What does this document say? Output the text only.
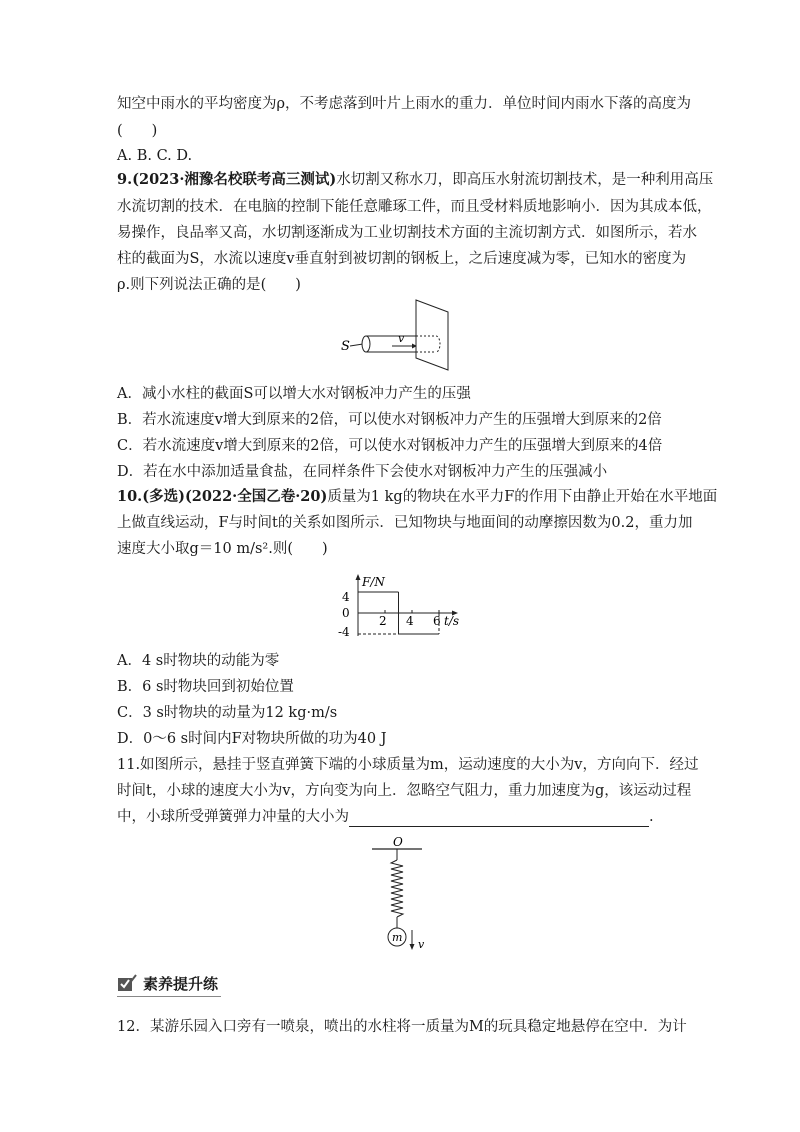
知空中雨水的平均密度为ρ，不考虑落到叶片上雨水的重力．单位时间内雨水下落的高度为
(　　)
A. B. C. D.
9.(2023·湘豫名校联考高三测试)水切割又称水刀，即高压水射流切割技术，是一种利用高压
水流切割的技术．在电脑的控制下能任意雕琢工件，而且受材料质地影响小．因为其成本低，
易操作，良品率又高，水切割逐渐成为工业切割技术方面的主流切割方式．如图所示，若水
柱的截面为S，水流以速度v垂直射到被切割的钢板上，之后速度减为零，已知水的密度为
ρ.则下列说法正确的是(　　)
S
v
A．减小水柱的截面S可以增大水对钢板冲力产生的压强
B．若水流速度v增大到原来的2倍，可以使水对钢板冲力产生的压强增大到原来的2倍
C．若水流速度v增大到原来的2倍，可以使水对钢板冲力产生的压强增大到原来的4倍
D．若在水中添加适量食盐，在同样条件下会使水对钢板冲力产生的压强减小
10.(多选)(2022·全国乙卷·20)质量为1 kg的物块在水平力F的作用下由静止开始在水平地面
上做直线运动，F与时间t的关系如图所示．已知物块与地面间的动摩擦因数为0.2，重力加
速度大小取g＝10 m/s².则(　　)
F/N
t/s
4
0
-4
2 4 6
A．4 s时物块的动能为零
B．6 s时物块回到初始位置
C．3 s时物块的动量为12 kg·m/s
D．0～6 s时间内F对物块所做的功为40 J
11.如图所示，悬挂于竖直弹簧下端的小球质量为m，运动速度的大小为v，方向向下．经过
时间t，小球的速度大小为v，方向变为向上．忽略空气阻力，重力加速度为g，该运动过程
中，小球所受弹簧弹力冲量的大小为	.
O
m
v
素养提升练
12．某游乐园入口旁有一喷泉，喷出的水柱将一质量为M的玩具稳定地悬停在空中．为计
